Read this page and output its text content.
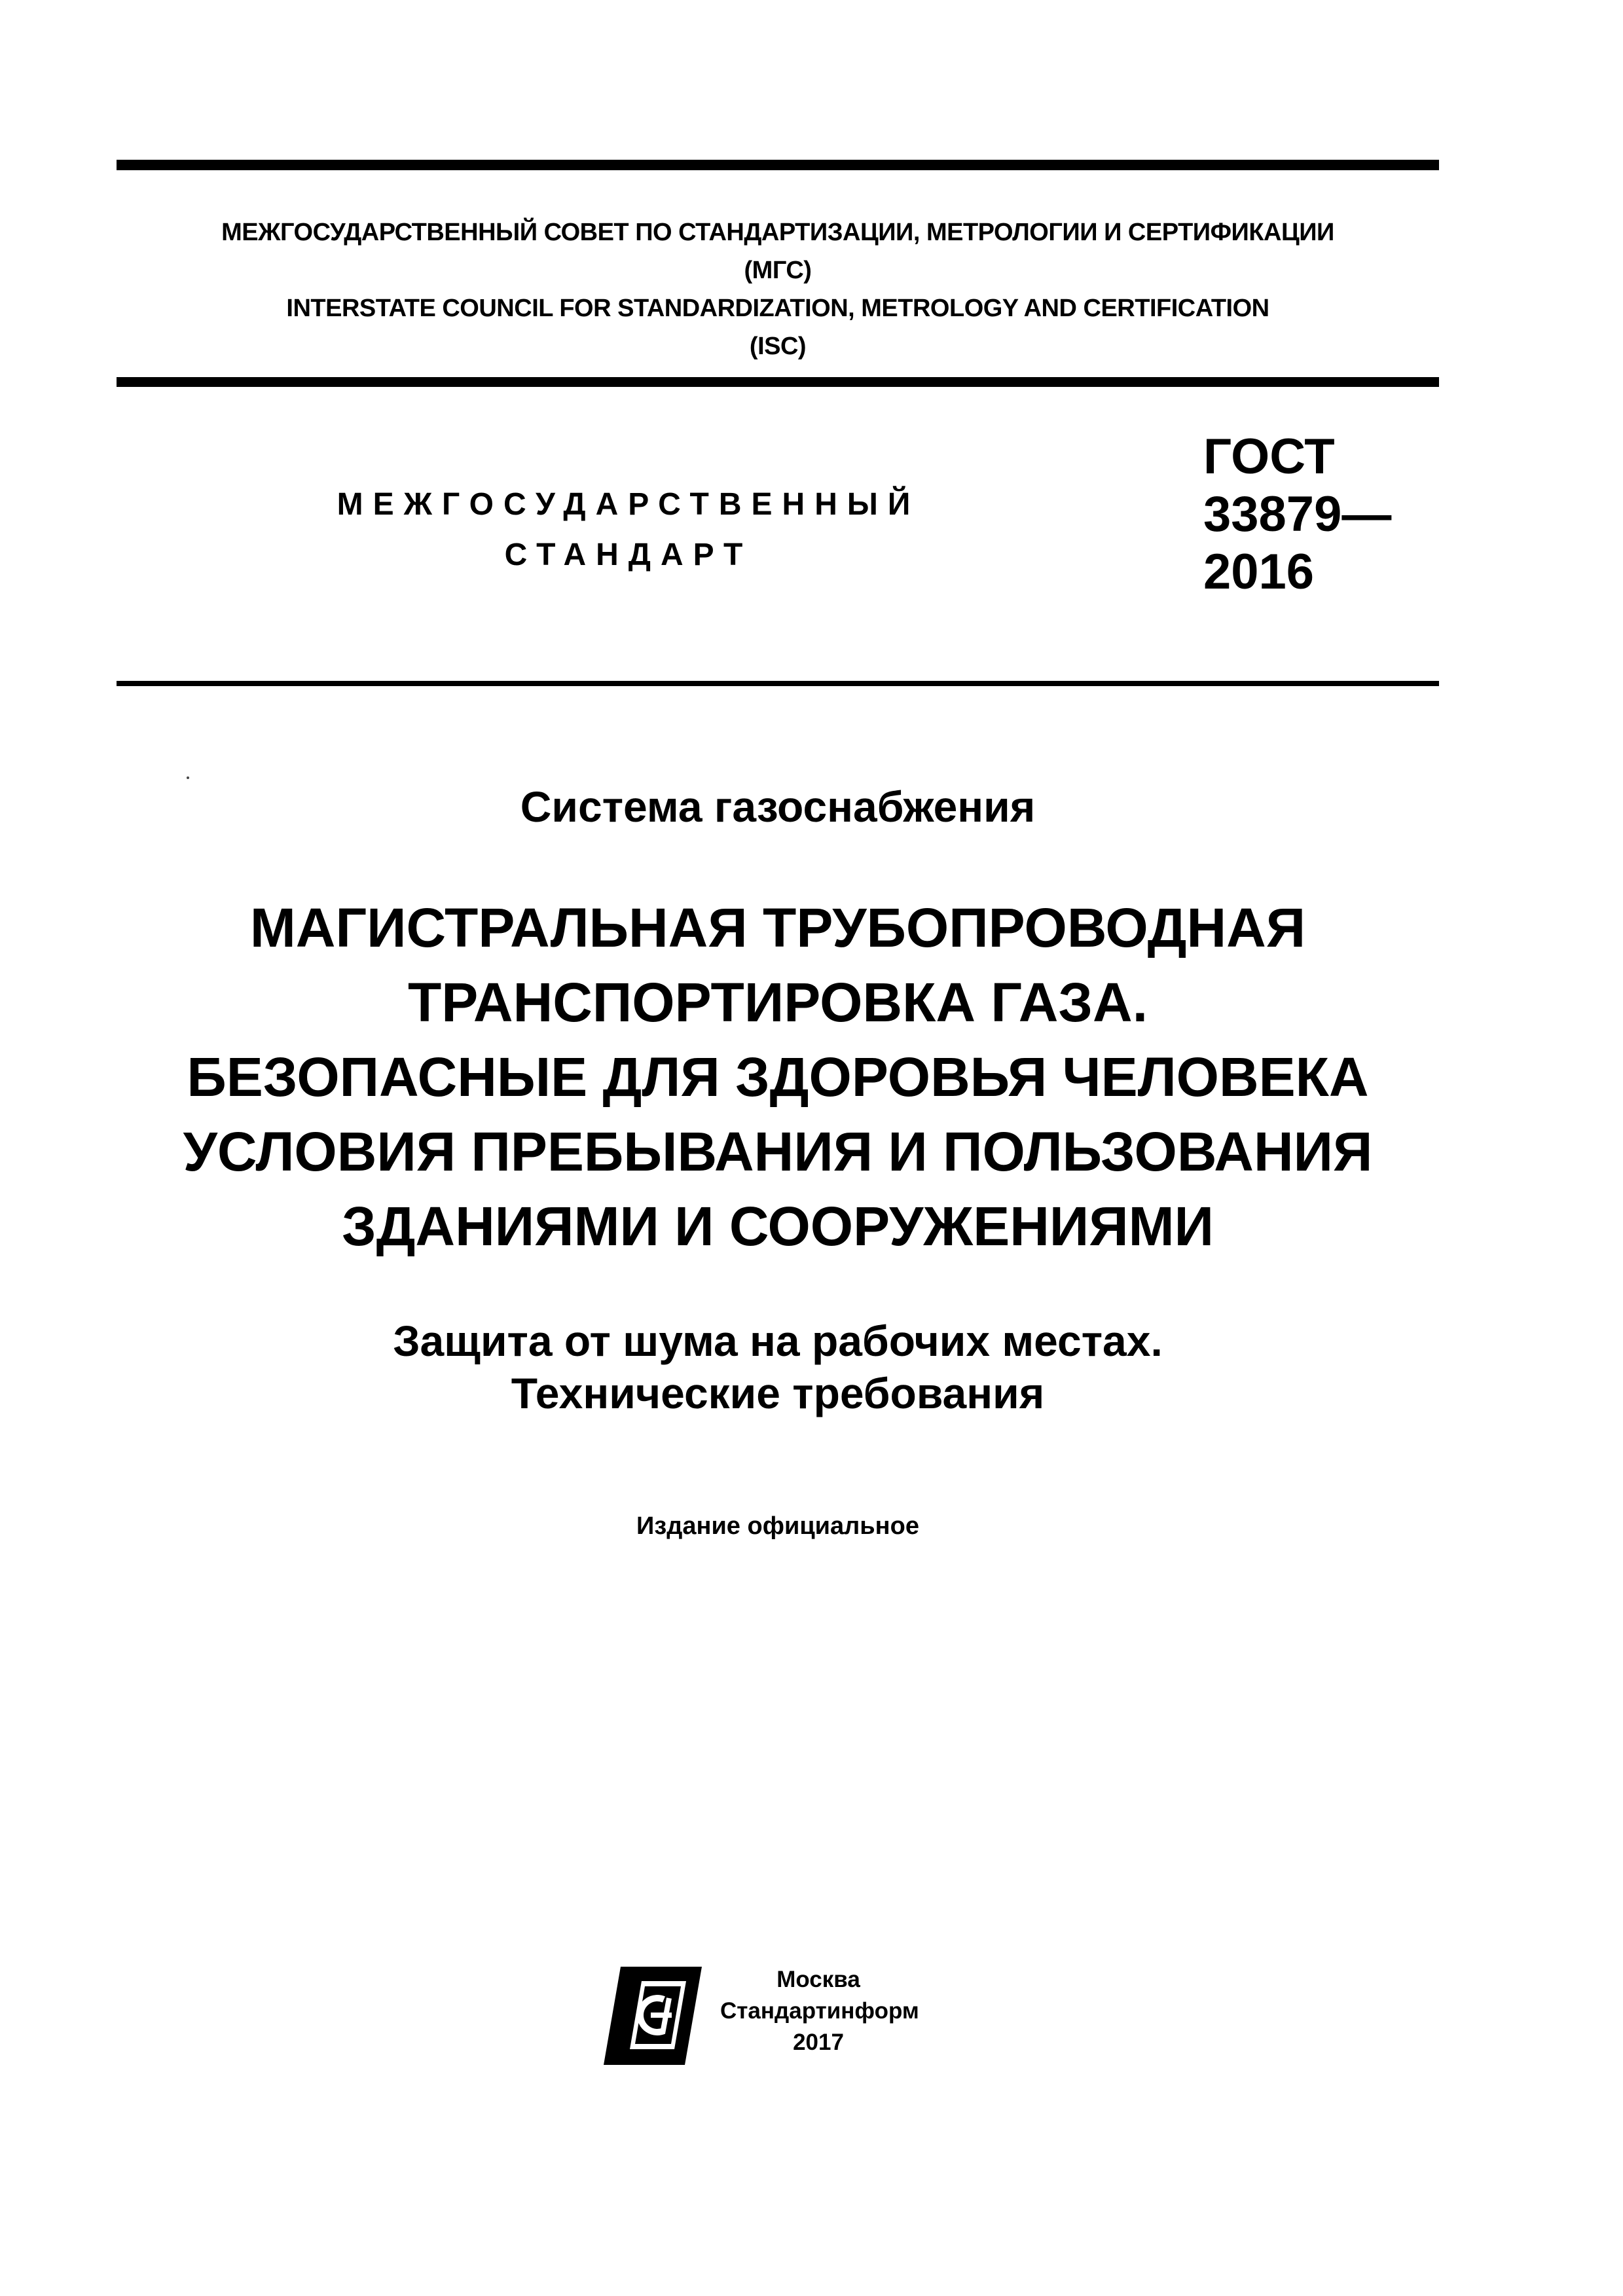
МЕЖГОСУДАРСТВЕННЫЙ СОВЕТ ПО СТАНДАРТИЗАЦИИ, МЕТРОЛОГИИ И СЕРТИФИКАЦИИ
(МГС)
INTERSTATE COUNCIL FOR STANDARDIZATION, METROLOGY AND CERTIFICATION
(ISC)
МЕЖГОСУДАРСТВЕННЫЙ
СТАНДАРТ
ГОСТ
33879—
2016
Система газоснабжения
МАГИСТРАЛЬНАЯ ТРУБОПРОВОДНАЯ
ТРАНСПОРТИРОВКА ГАЗА.
БЕЗОПАСНЫЕ ДЛЯ ЗДОРОВЬЯ ЧЕЛОВЕКА
УСЛОВИЯ ПРЕБЫВАНИЯ И ПОЛЬЗОВАНИЯ
ЗДАНИЯМИ И СООРУЖЕНИЯМИ
Защита от шума на рабочих местах.
Технические требования
Издание официальное
Москва
Стандартинформ
2017
